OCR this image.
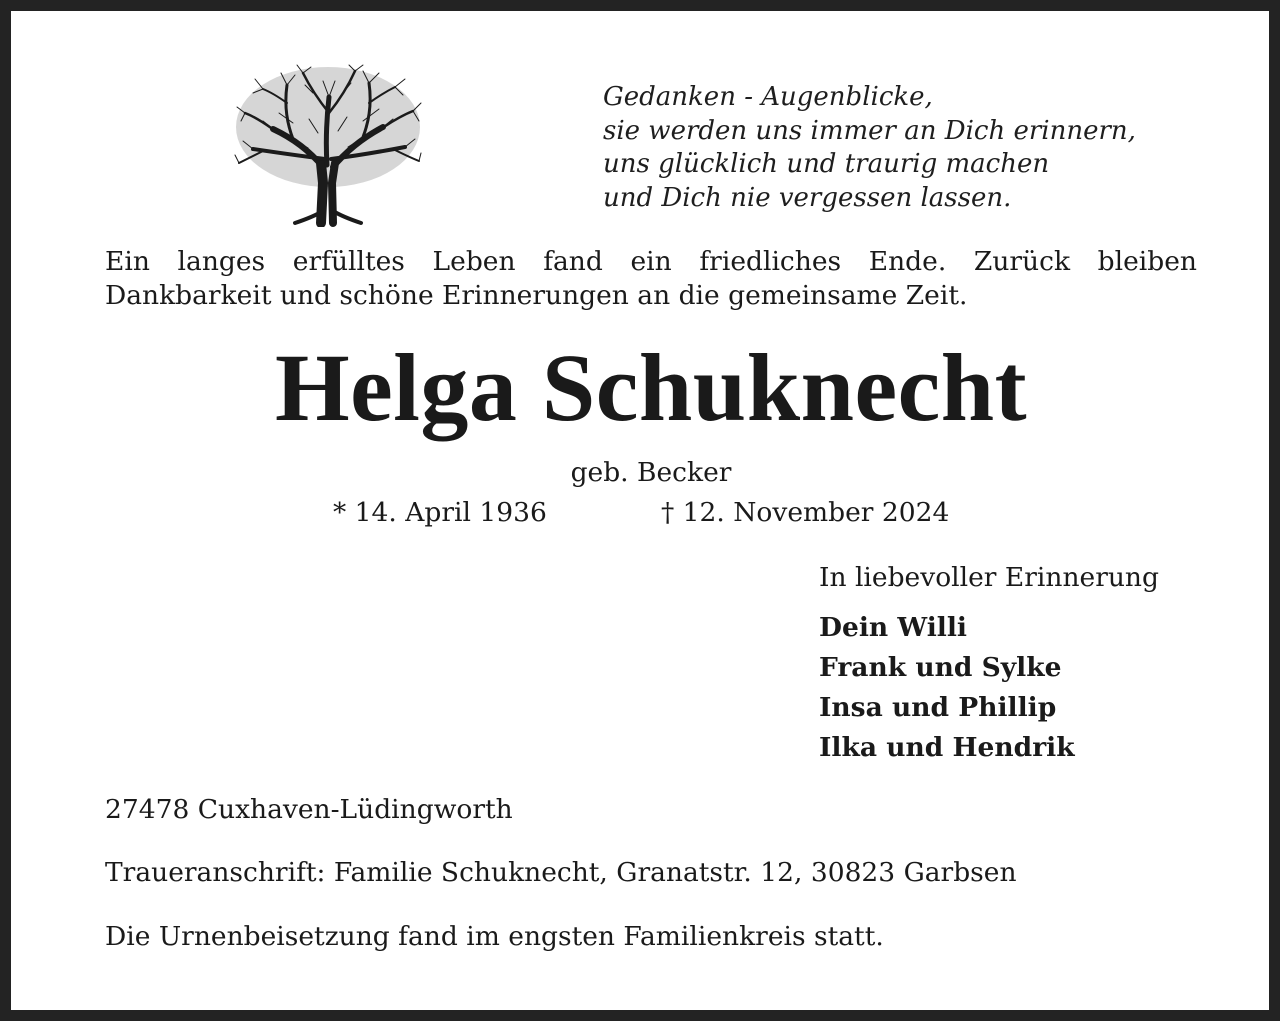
Gedanken - Augenblicke,
sie werden uns immer an Dich erinnern,
uns glücklich und traurig machen
und Dich nie vergessen lassen.
Ein langes erfülltes Leben fand ein friedliches Ende. Zurück bleiben Dankbarkeit und schöne Erinnerungen an die gemeinsame Zeit.
Helga Schuknecht
geb. Becker
* 14. April 1936	† 12. November 2024
In liebevoller Erinnerung
Dein Willi
Frank und Sylke
Insa und Phillip
Ilka und Hendrik
27478 Cuxhaven-Lüdingworth
Traueranschrift: Familie Schuknecht, Granatstr. 12, 30823 Garbsen
Die Urnenbeisetzung fand im engsten Familienkreis statt.
